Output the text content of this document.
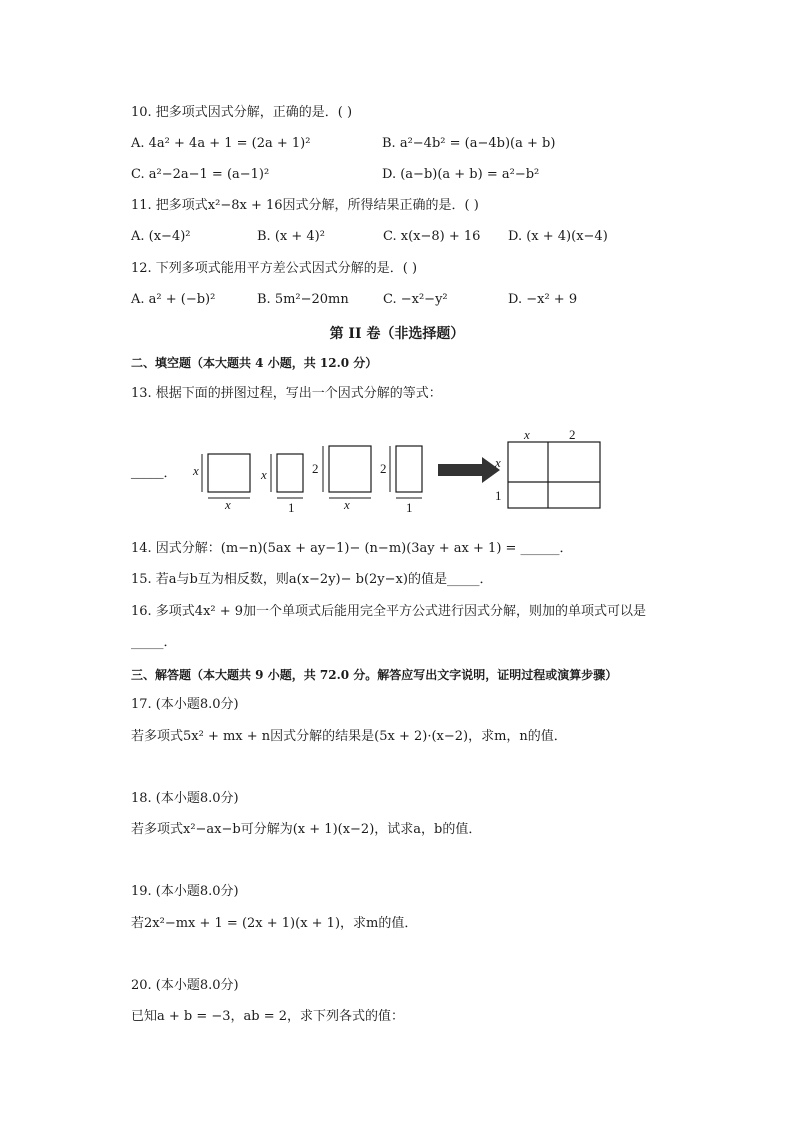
10. 把多项式因式分解，正确的是．( )
A. 4a² + 4a + 1 = (2a + 1)²	B. a²−4b² = (a−4b)(a + b)
C. a²−2a−1 = (a−1)²	D. (a−b)(a + b) = a²−b²
11. 把多项式x²−8x + 16因式分解，所得结果正确的是．( )
A. (x−4)²	B. (x + 4)²	C. x(x−8) + 16 D. (x + 4)(x−4)
12. 下列多项式能用平方差公式因式分解的是．( )
A. a² + (−b)²	B. 5m²−20mn	C. −x²−y²	D. −x² + 9
第 II 卷（非选择题）
二、填空题（本大题共 4 小题，共 12.0 分）
13. 根据下面的拼图过程，写出一个因式分解的等式：
_____． x
x
x
1
2
x
2
1
x	2
x
1
14. 因式分解：(m−n)(5ax + ay−1)− (n−m)(3ay + ax + 1) = ______．
15. 若a与b互为相反数，则a(x−2y)− b(2y−x)的值是_____．
16. 多项式4x² + 9加一个单项式后能用完全平方公式进行因式分解，则加的单项式可以是
_____．
三、解答题（本大题共 9 小题，共 72.0 分。解答应写出文字说明，证明过程或演算步骤）
17. (本小题8.0分)
若多项式5x² + mx + n因式分解的结果是(5x + 2)·(x−2)，求m，n的值．
18. (本小题8.0分)
若多项式x²−ax−b可分解为(x + 1)(x−2)，试求a，b的值．
19. (本小题8.0分)
若2x²−mx + 1 = (2x + 1)(x + 1)，求m的值．
20. (本小题8.0分)
已知a + b = −3，ab = 2，求下列各式的值：
